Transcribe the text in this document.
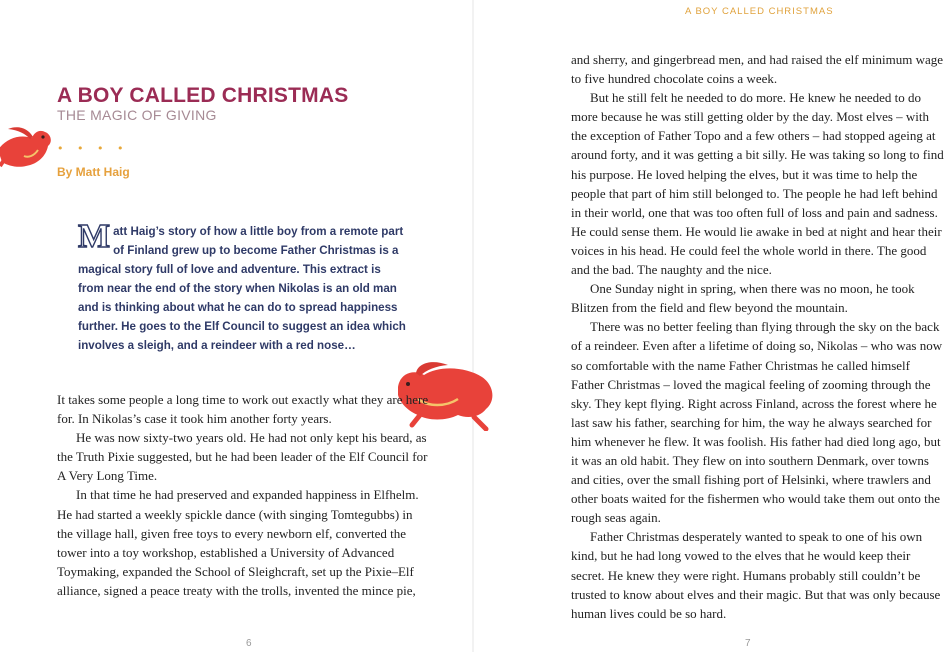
A BOY CALLED CHRISTMAS
A BOY CALLED CHRISTMAS
THE MAGIC OF GIVING
• • • •
By Matt Haig
Matt Haig’s story of how a little boy from a remote part of Finland grew up to become Father Christmas is a magical story full of love and adventure. This extract is from near the end of the story when Nikolas is an old man and is thinking about what he can do to spread happiness further. He goes to the Elf Council to suggest an idea which involves a sleigh, and a reindeer with a red nose…

It takes some people a long time to work out exactly what they are here for. In Nikolas’s case it took him another forty years.

He was now sixty-two years old. He had not only kept his beard, as the Truth Pixie suggested, but he had been leader of the Elf Council for A Very Long Time.

In that time he had preserved and expanded happiness in Elfhelm. He had started a weekly spickle dance (with singing Tomtegubbs) in the village hall, given free toys to every newborn elf, converted the tower into a toy workshop, established a University of Advanced Toymaking, expanded the School of Sleighcraft, set up the Pixie–Elf alliance, signed a peace treaty with the trolls, invented the mince pie,

and sherry, and gingerbread men, and had raised the elf minimum wage to five hundred chocolate coins a week.

But he still felt he needed to do more. He knew he needed to do more because he was still getting older by the day. Most elves – with the exception of Father Topo and a few others – had stopped ageing at around forty, and it was getting a bit silly. He was taking so long to find his purpose. He loved helping the elves, but it was time to help the people that part of him still belonged to. The people he had left behind in their world, one that was too often full of loss and pain and sadness. He could sense them. He would lie awake in bed at night and hear their voices in his head. He could feel the whole world in there. The good and the bad. The naughty and the nice.

One Sunday night in spring, when there was no moon, he took Blitzen from the field and flew beyond the mountain.

There was no better feeling than flying through the sky on the back of a reindeer. Even after a lifetime of doing so, Nikolas – who was now so comfortable with the name Father Christmas he called himself Father Christmas – loved the magical feeling of zooming through the sky. They kept flying. Right across Finland, across the forest where he last saw his father, searching for him, the way he always searched for him whenever he flew. It was foolish. His father had died long ago, but it was an old habit. They flew on into southern Denmark, over towns and cities, over the small fishing port of Helsinki, where trawlers and other boats waited for the fishermen who would take them out onto the rough seas again.

Father Christmas desperately wanted to speak to one of his own kind, but he had long vowed to the elves that he would keep their secret. He knew they were right. Humans probably still couldn’t be trusted to know about elves and their magic. But that was only because human lives could be so hard.

6	7
